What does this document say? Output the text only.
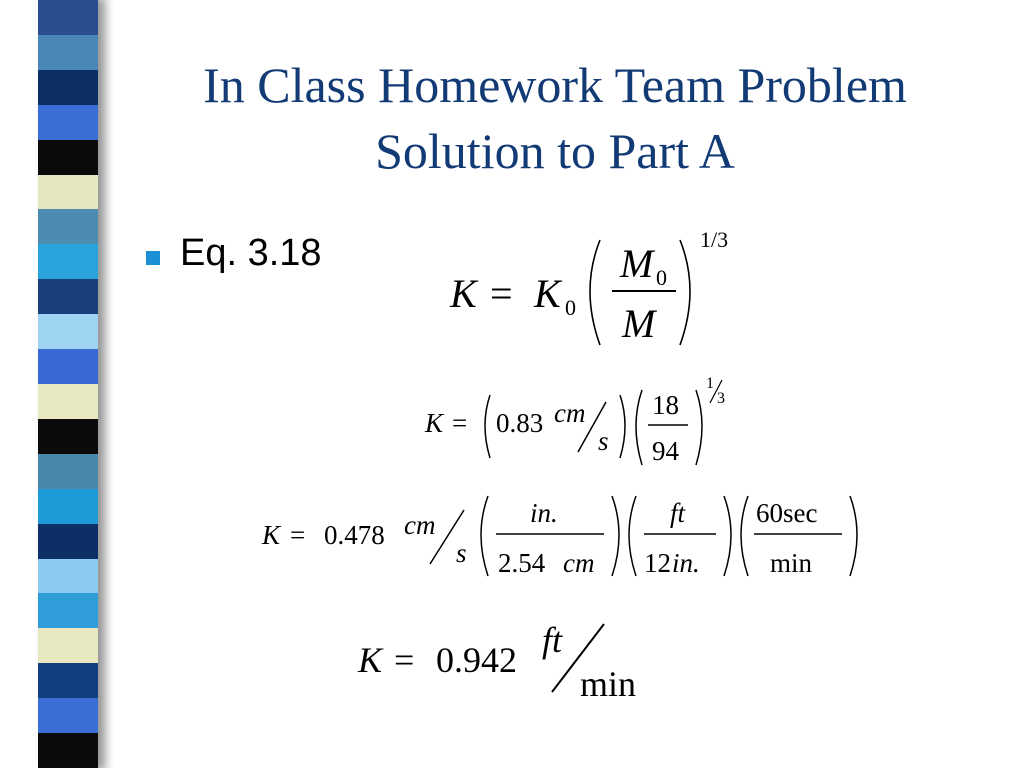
In Class Homework Team Problem
Solution to Part A
Eq. 3.18
K = K 0
M 0
M
1/3
K = 0.83 cm
s
18
94
1
3
K = 0.478 cm
s
in.
2.54 cm
ft
12 in.
60sec
min
K = 0.942 ft
min
